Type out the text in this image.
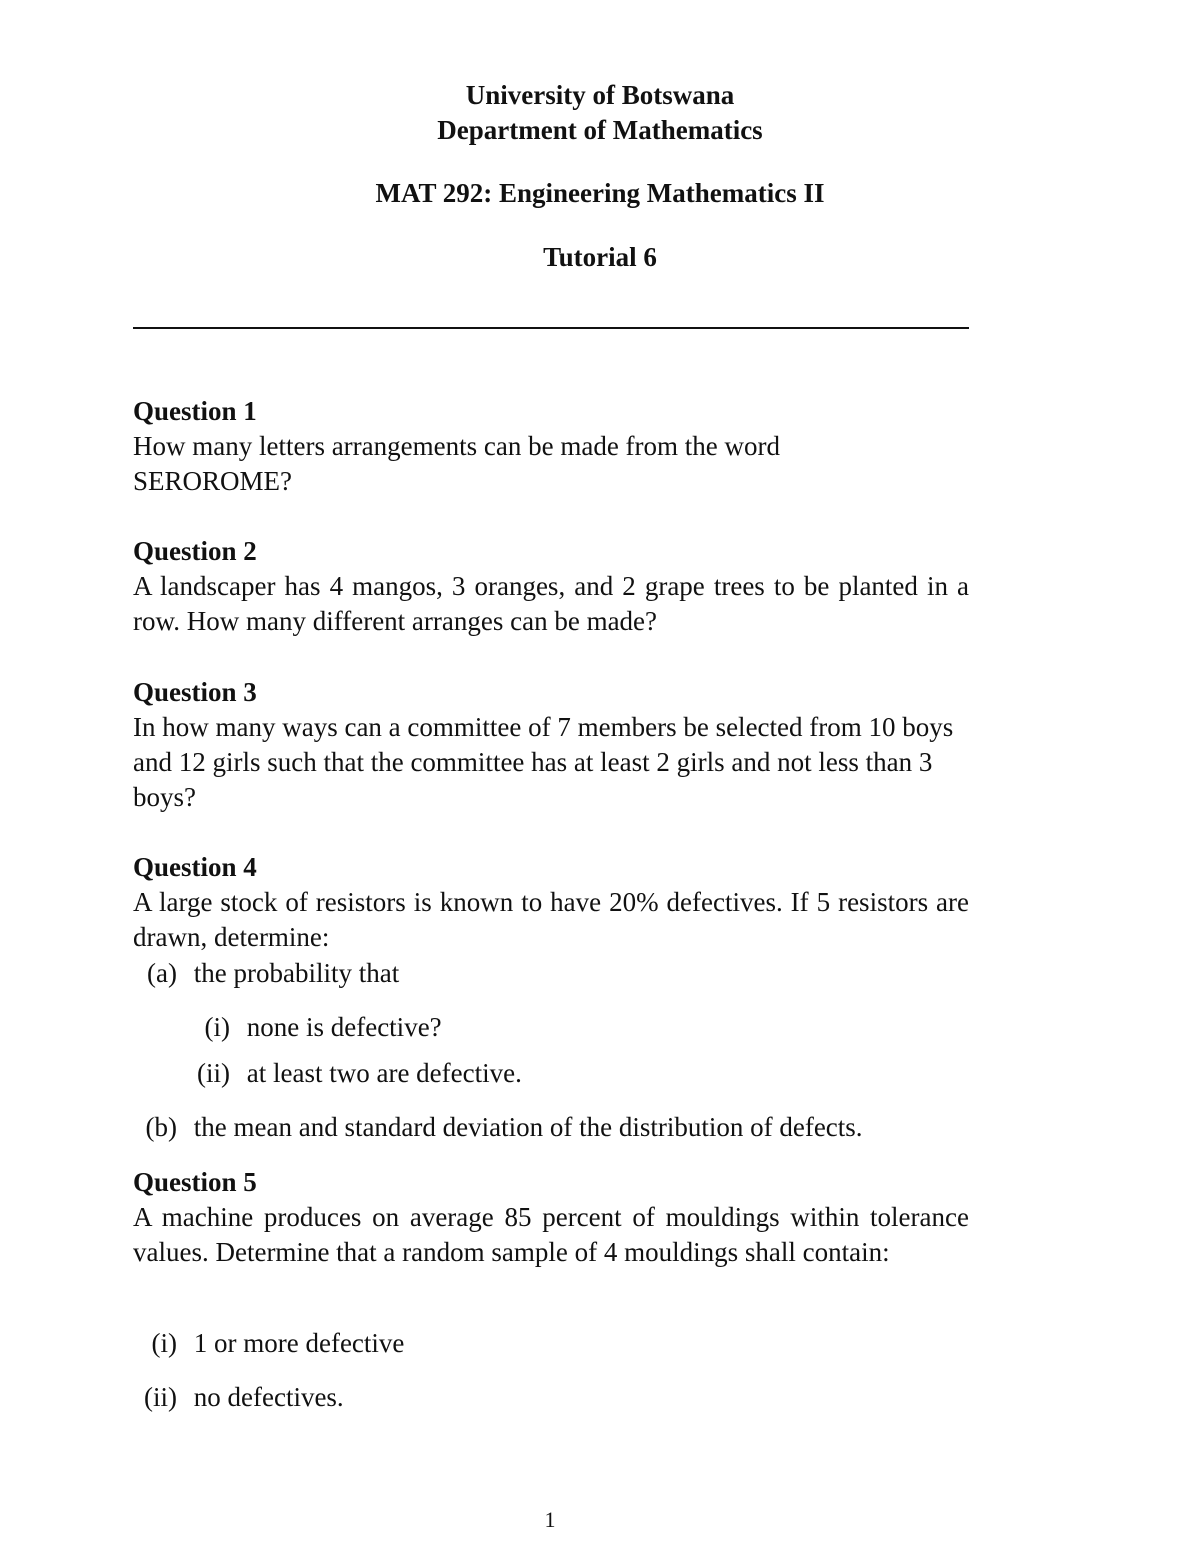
University of Botswana
Department of Mathematics
MAT 292: Engineering Mathematics II
Tutorial 6
Question 1
How many letters arrangements can be made from the word
SEROROME?
Question 2
A landscaper has 4 mangos, 3 oranges, and 2 grape trees to be planted in a row. How many different arranges can be made?
Question 3
In how many ways can a committee of 7 members be selected from 10 boys and 12 girls such that the committee has at least 2 girls and not less than 3 boys?
Question 4
A large stock of resistors is known to have 20% defectives. If 5 resistors are drawn, determine:
(a) the probability that
(i) none is defective?
(ii) at least two are defective.
(b) the mean and standard deviation of the distribution of defects.
Question 5
A machine produces on average 85 percent of mouldings within tolerance values. Determine that a random sample of 4 mouldings shall contain:
(i) 1 or more defective
(ii) no defectives.
1
